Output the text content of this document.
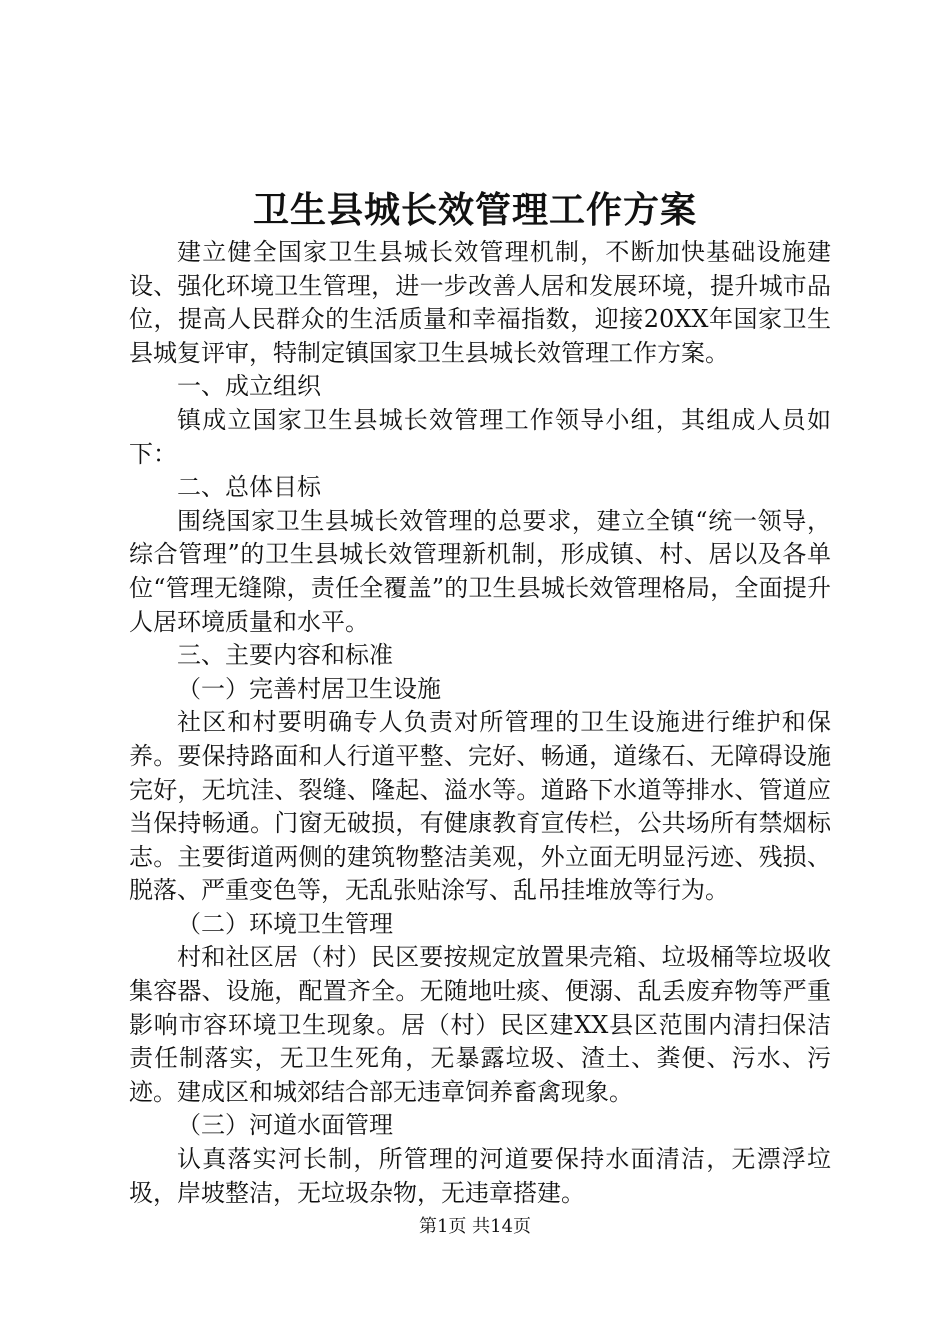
卫生县城长效管理工作方案

建立健全国家卫生县城长效管理机制，不断加快基础设施建设、强化环境卫生管理，进一步改善人居和发展环境，提升城市品位，提高人民群众的生活质量和幸福指数，迎接20XX年国家卫生县城复评审，特制定镇国家卫生县城长效管理工作方案。

一、成立组织

镇成立国家卫生县城长效管理工作领导小组，其组成人员如下：

二、总体目标

围绕国家卫生县城长效管理的总要求，建立全镇“统一领导，综合管理”的卫生县城长效管理新机制，形成镇、村、居以及各单位“管理无缝隙，责任全覆盖”的卫生县城长效管理格局，全面提升人居环境质量和水平。

三、主要内容和标准

（一）完善村居卫生设施

社区和村要明确专人负责对所管理的卫生设施进行维护和保养。要保持路面和人行道平整、完好、畅通，道缘石、无障碍设施完好，无坑洼、裂缝、隆起、溢水等。道路下水道等排水、管道应当保持畅通。门窗无破损，有健康教育宣传栏，公共场所有禁烟标志。主要街道两侧的建筑物整洁美观，外立面无明显污迹、残损、脱落、严重变色等，无乱张贴涂写、乱吊挂堆放等行为。

（二）环境卫生管理

村和社区居（村）民区要按规定放置果壳箱、垃圾桶等垃圾收集容器、设施，配置齐全。无随地吐痰、便溺、乱丢废弃物等严重影响市容环境卫生现象。居（村）民区建XX县区范围内清扫保洁责任制落实，无卫生死角，无暴露垃圾、渣土、粪便、污水、污迹。建成区和城郊结合部无违章饲养畜禽现象。

（三）河道水面管理

认真落实河长制，所管理的河道要保持水面清洁，无漂浮垃圾，岸坡整洁，无垃圾杂物，无违章搭建。

第1页 共14页
